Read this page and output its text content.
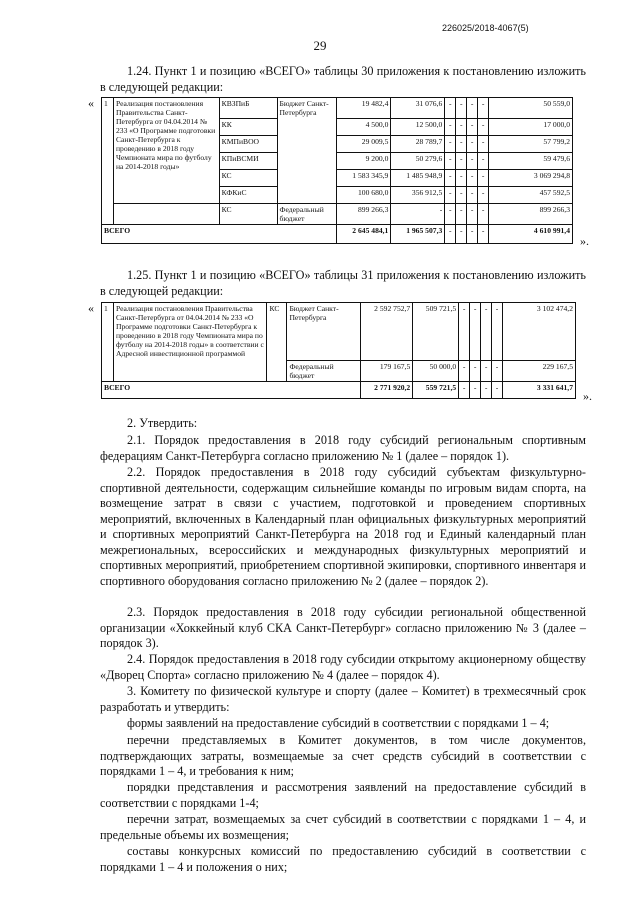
226025/2018-4067(5)
29

1.24. Пункт 1 и позицию «ВСЕГО» таблицы 30 приложения к постановлению изложить в следующей редакции:

« 1	Реализация постановления Правительства Санкт-Петербурга от 04.04.2014 № 233 «О Программе подготовки Санкт-Петербурга к проведению в 2018 году Чемпионата мира по футболу на 2014-2018 годы»	КВЗПиБ	Бюджет Санкт-Петербурга	19 482,4	31 076,6	-	-	-	-	50 559,0
		КК		4 500,0	12 500,0	-	-	-	-	17 000,0
		КМПиВОО		29 009,5	28 789,7	-	-	-	-	57 799,2
		КПиВСМИ		9 200,0	50 279,6	-	-	-	-	59 479,6
		КС		1 583 345,9	1 485 948,9	-	-	-	-	3 069 294,8
		КФКиС		100 680,0	356 912,5	-	-	-	-	457 592,5
		КС	Федеральный бюджет	899 266,3	-	-	-	-	-	899 266,3
ВСЕГО				2 645 484,1	1 965 507,3	-	-	-	-	4 610 991,4
».

1.25. Пункт 1 и позицию «ВСЕГО» таблицы 31 приложения к постановлению изложить в следующей редакции:

« 1	Реализация постановления Правительства Санкт-Петербурга от 04.04.2014 № 233 «О Программе подготовки Санкт-Петербурга к проведению в 2018 году Чемпионата мира по футболу на 2014-2018 годы» в соответствии с Адресной инвестиционной программой	КС	Бюджет Санкт-Петербурга	2 592 752,7	509 721,5	-	-	-	-	3 102 474,2
			Федеральный бюджет	179 167,5	50 000,0	-	-	-	-	229 167,5
ВСЕГО				2 771 920,2	559 721,5	-	-	-	-	3 331 641,7
».

2. Утвердить:

2.1. Порядок предоставления в 2018 году субсидий региональным спортивным федерациям Санкт-Петербурга согласно приложению № 1 (далее – порядок 1).

2.2. Порядок предоставления в 2018 году субсидий субъектам физкультурно-спортивной деятельности, содержащим сильнейшие команды по игровым видам спорта, на возмещение затрат в связи с участием, подготовкой и проведением спортивных мероприятий, включенных в Календарный план официальных физкультурных мероприятий и спортивных мероприятий Санкт-Петербурга на 2018 год и Единый календарный план межрегиональных, всероссийских и международных физкультурных мероприятий и спортивных мероприятий, приобретением спортивной экипировки, спортивного инвентаря и спортивного оборудования согласно приложению № 2 (далее – порядок 2).

2.3. Порядок предоставления в 2018 году субсидии региональной общественной организации «Хоккейный клуб СКА Санкт-Петербург» согласно приложению № 3 (далее – порядок 3).

2.4. Порядок предоставления в 2018 году субсидии открытому акционерному обществу «Дворец Спорта» согласно приложению № 4 (далее – порядок 4).

3. Комитету по физической культуре и спорту (далее – Комитет) в трехмесячный срок разработать и утвердить:

формы заявлений на предоставление субсидий в соответствии с порядками 1 – 4;

перечни представляемых в Комитет документов, в том числе документов, подтверждающих затраты, возмещаемые за счет средств субсидий в соответствии с порядками 1 – 4, и требования к ним;

порядки представления и рассмотрения заявлений на предоставление субсидий в соответствии с порядками 1-4;

перечни затрат, возмещаемых за счет субсидий в соответствии с порядками 1 – 4, и предельные объемы их возмещения;

составы конкурсных комиссий по предоставлению субсидий в соответствии с порядками 1 – 4 и положения о них;
